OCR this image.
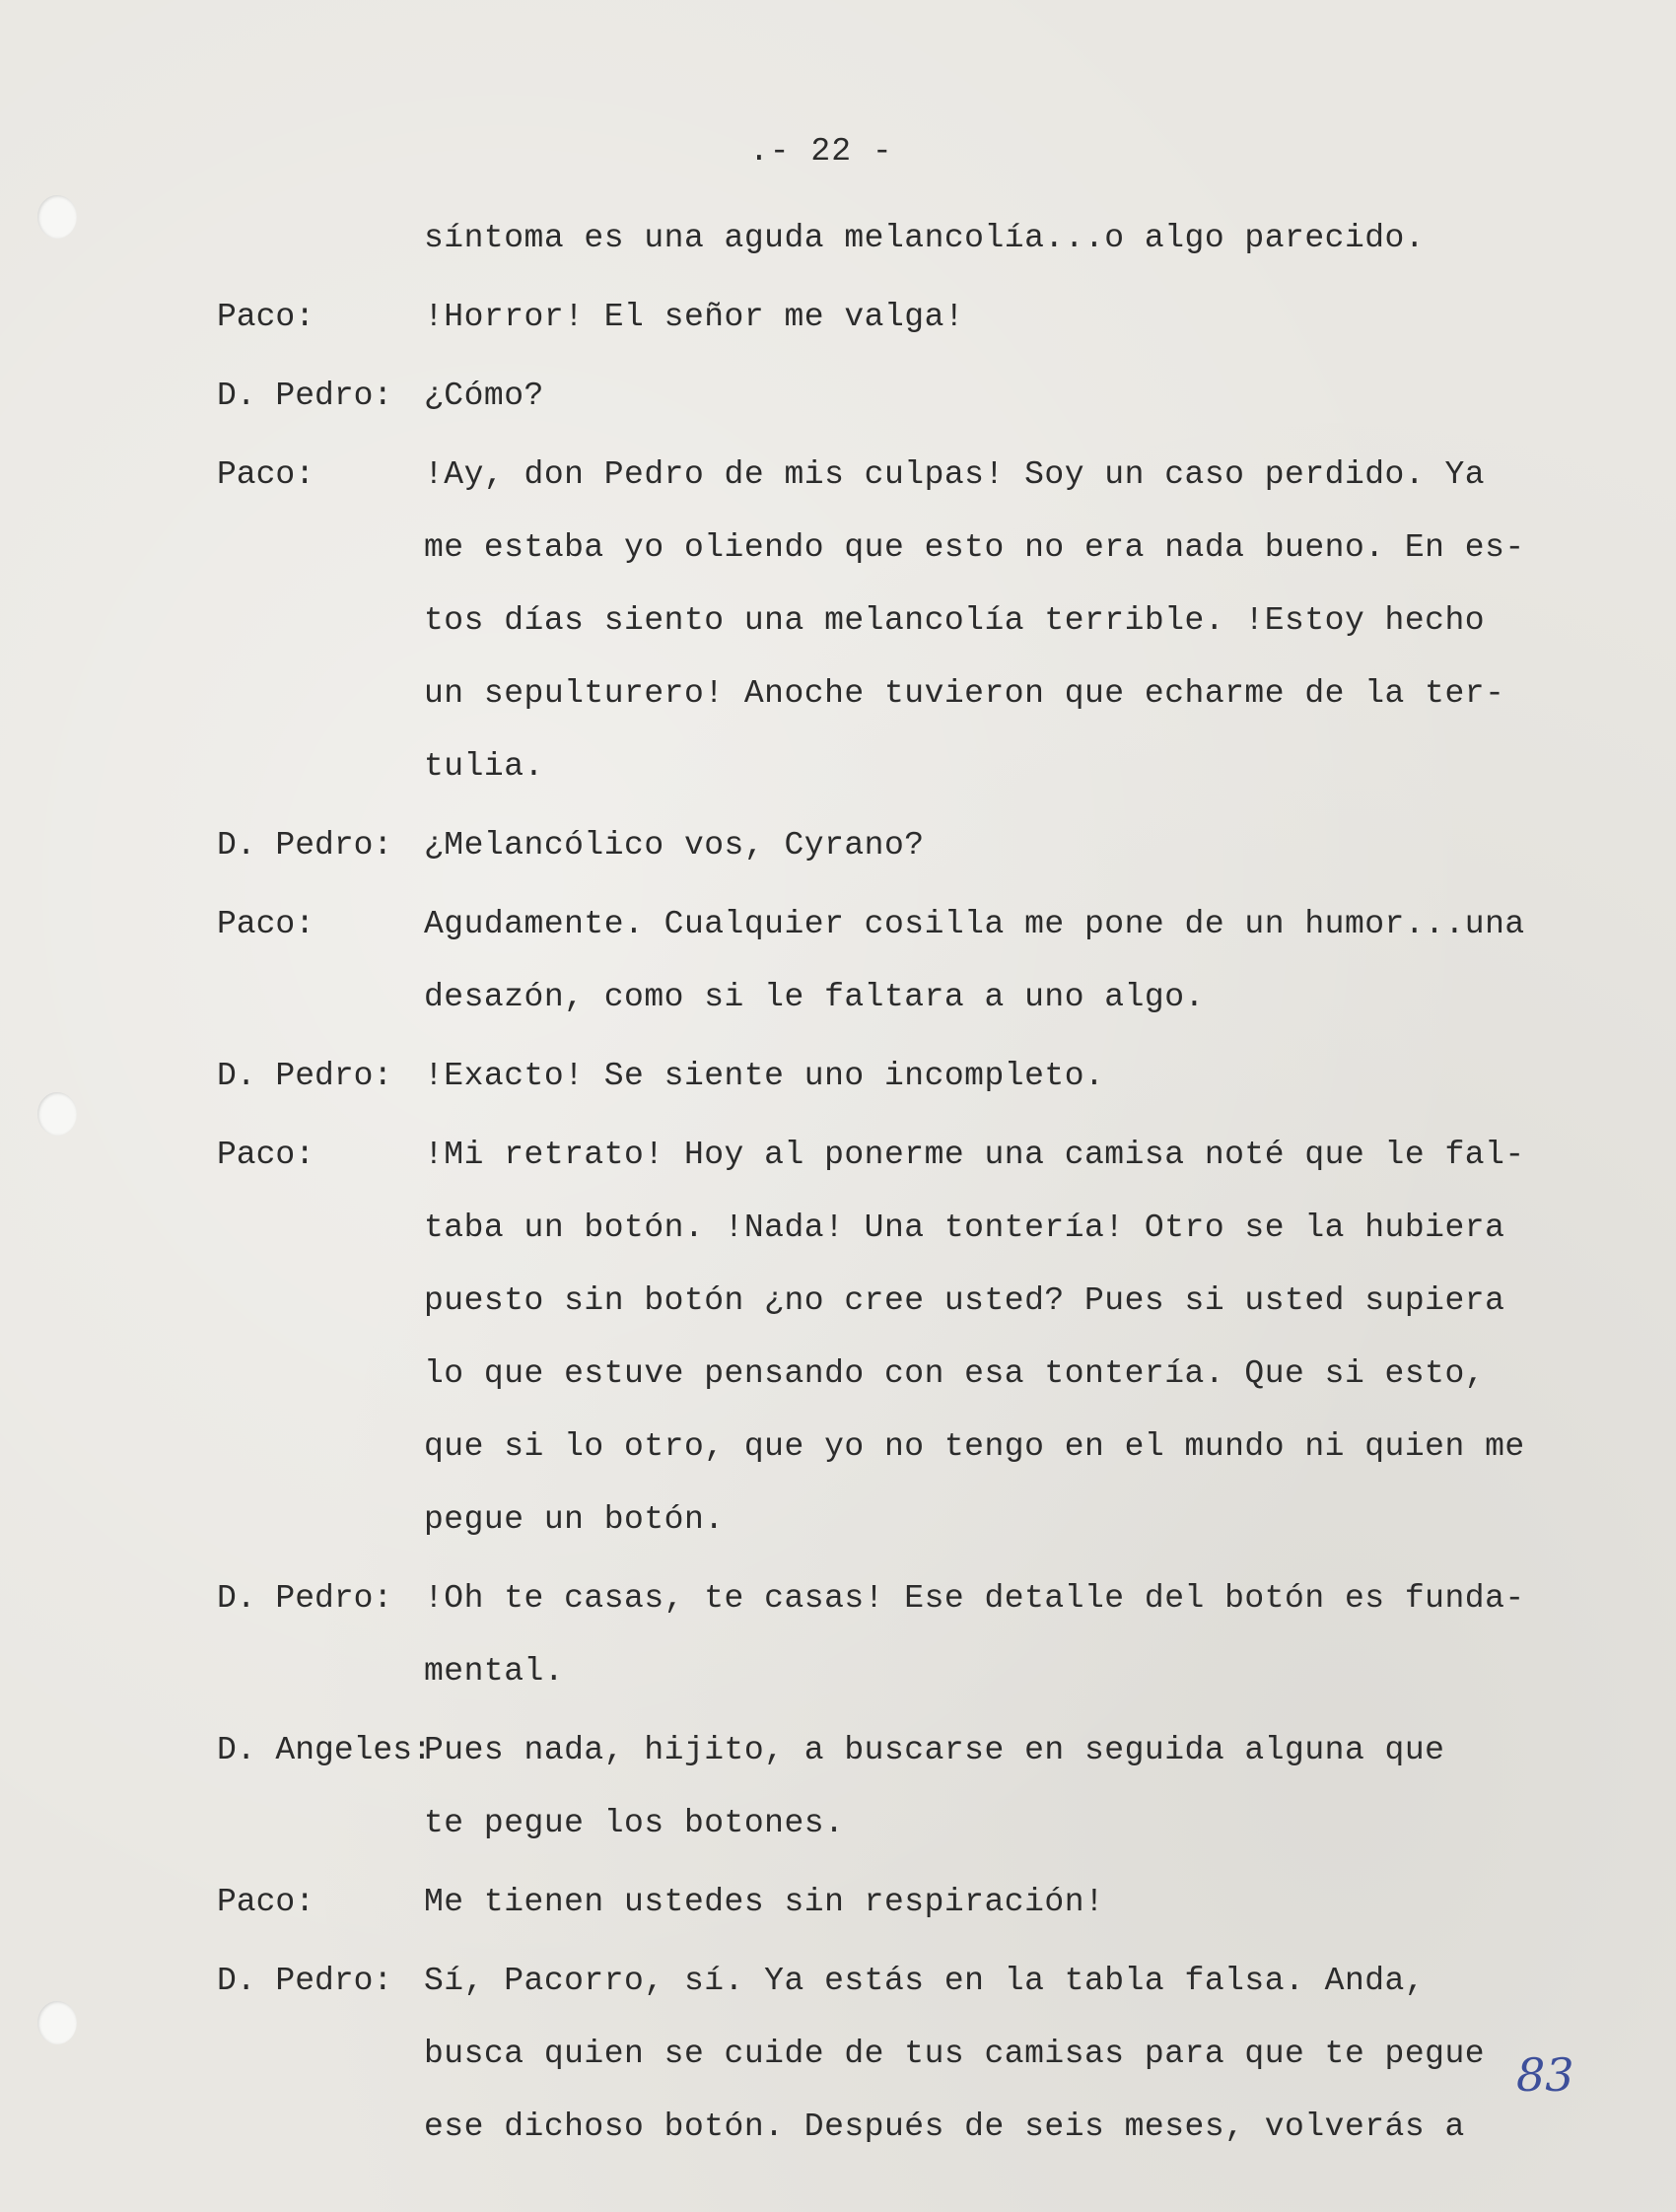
.- 22 -
síntoma es una aguda melancolía...o algo parecido.
Paco:	!Horror! El señor me valga!
D. Pedro: ¿Cómo?
Paco:	!Ay, don Pedro de mis culpas! Soy un caso perdido. Ya
me estaba yo oliendo que esto no era nada bueno. En es-
tos días siento una melancolía terrible. !Estoy hecho
un sepulturero! Anoche tuvieron que echarme de la ter-
tulia.
D. Pedro: ¿Melancólico vos, Cyrano?
Paco:	Agudamente. Cualquier cosilla me pone de un humor...una
desazón, como si le faltara a uno algo.
D. Pedro: !Exacto! Se siente uno incompleto.
Paco:	!Mi retrato! Hoy al ponerme una camisa noté que le fal-
taba un botón. !Nada! Una tontería! Otro se la hubiera
puesto sin botón ¿no cree usted? Pues si usted supiera
lo que estuve pensando con esa tontería. Que si esto,
que si lo otro, que yo no tengo en el mundo ni quien me
pegue un botón.
D. Pedro: !Oh te casas, te casas! Ese detalle del botón es funda-
mental.
D. Angeles:
Pues nada, hijito, a buscarse en seguida alguna que
te pegue los botones.
Paco:	Me tienen ustedes sin respiración!
D. Pedro: Sí, Pacorro, sí. Ya estás en la tabla falsa. Anda,
busca quien se cuide de tus camisas para que te pegue
ese dichoso botón. Después de seis meses, volverás a
83
